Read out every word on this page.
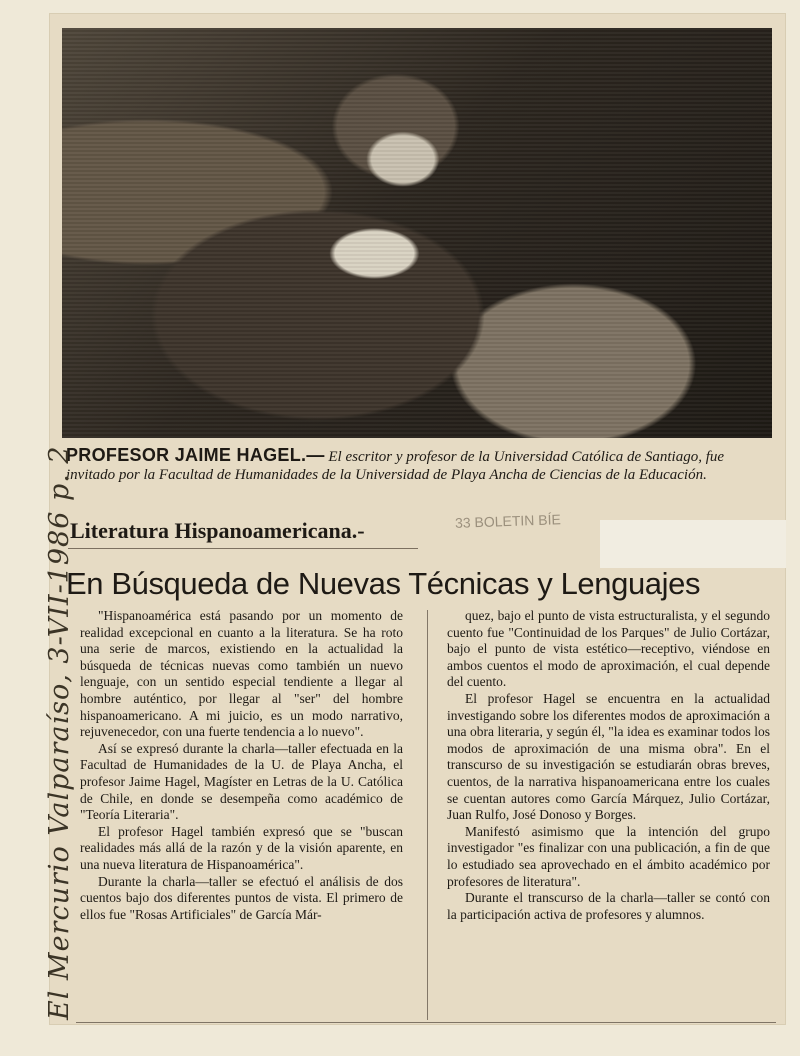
PROFESOR JAIME HAGEL.— El escritor y profesor de la Universidad Católica de Santiago, fue invitado por la Facultad de Humanidades de la Universidad de Playa Ancha de Ciencias de la Educación.
Literatura Hispanoamericana.-	33 BOLETIN BÍE
En Búsqueda de Nuevas Técnicas y Lenguajes

"Hispanoamérica está pasando por un momento de realidad excepcional en cuanto a la literatura. Se ha roto una serie de marcos, existiendo en la actualidad la búsqueda de técnicas nuevas como también un nuevo lenguaje, con un sentido especial tendiente a llegar al hombre auténtico, por llegar al "ser" del hombre hispanoamericano. A mi juicio, es un modo narrativo, rejuvenecedor, con una fuerte tendencia a lo nuevo".

Así se expresó durante la charla—taller efectuada en la Facultad de Humanidades de la U. de Playa Ancha, el profesor Jaime Hagel, Magíster en Letras de la U. Católica de Chile, en donde se desempeña como académico de "Teoría Literaria".

El profesor Hagel también expresó que se "buscan realidades más allá de la razón y de la visión aparente, en una nueva literatura de Hispanoamérica".

Durante la charla—taller se efectuó el análisis de dos cuentos bajo dos diferentes puntos de vista. El primero de ellos fue "Rosas Artificiales" de García Már-

quez, bajo el punto de vista estructuralista, y el segundo cuento fue "Continuidad de los Parques" de Julio Cortázar, bajo el punto de vista estético—receptivo, viéndose en ambos cuentos el modo de aproximación, el cual depende del cuento.

El profesor Hagel se encuentra en la actualidad investigando sobre los diferentes modos de aproximación a una obra literaria, y según él, "la idea es examinar todos los modos de aproximación de una misma obra". En el transcurso de su investigación se estudiarán obras breves, cuentos, de la narrativa hispanoamericana entre los cuales se cuentan autores como García Márquez, Julio Cortázar, Juan Rulfo, José Donoso y Borges.

Manifestó asimismo que la intención del grupo investigador "es finalizar con una publicación, a fin de que lo estudiado sea aprovechado en el ámbito académico por profesores de literatura".

Durante el transcurso de la charla—taller se contó con la participación activa de profesores y alumnos.

El Mercurio Valparaíso, 3-VII-1986 p. 2
